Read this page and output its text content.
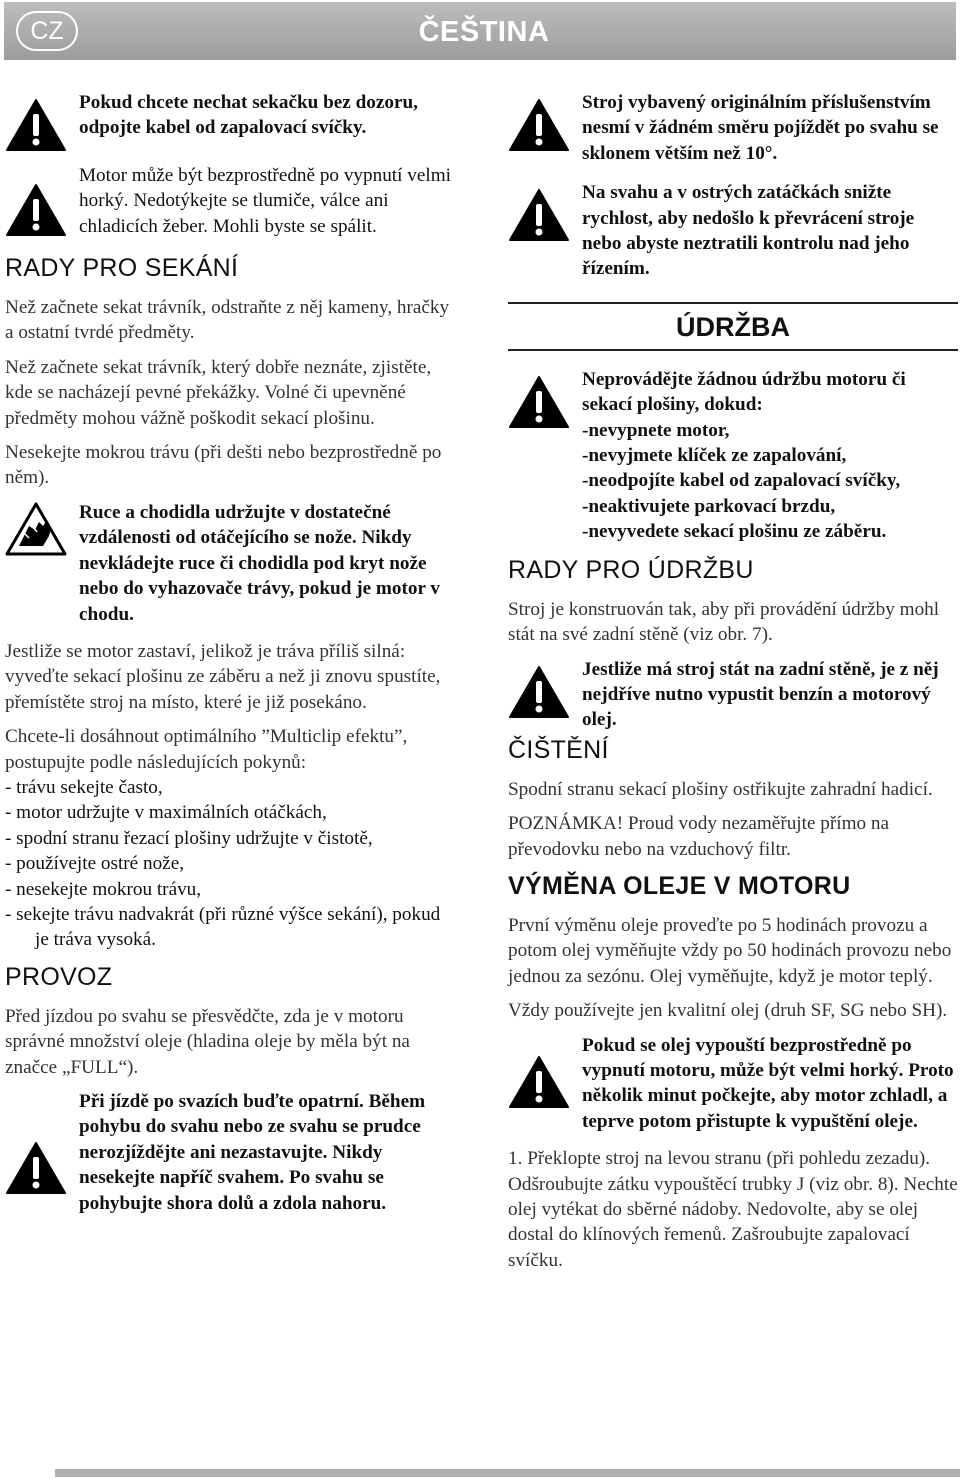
CZ	ČEŠTINA
Pokud chcete nechat sekačku bez dozoru, odpojte kabel od zapalovací svíčky.
Motor může být bezprostředně po vypnutí velmi horký. Nedotýkejte se tlumiče, válce ani chladicích žeber. Mohli byste se spálit.
RADY PRO SEKÁNÍ
Než začnete sekat trávník, odstraňte z něj kameny, hračky a ostatní tvrdé předměty.
Než začnete sekat trávník, který dobře neznáte, zjistěte, kde se nacházejí pevné překážky. Volné či upevněné předměty mohou vážně poškodit sekací plošinu.
Nesekejte mokrou trávu (při dešti nebo bezprostředně po něm).
Ruce a chodidla udržujte v dostatečné vzdálenosti od otáčejícího se nože. Nikdy nevkládejte ruce či chodidla pod kryt nože nebo do vyhazovače trávy, pokud je motor v chodu.
Jestliže se motor zastaví, jelikož je tráva příliš silná: vyveďte sekací plošinu ze záběru a než ji znovu spustíte, přemístěte stroj na místo, které je již posekáno.
Chcete-li dosáhnout optimálního ”Multiclip efektu”, postupujte podle následujících pokynů:
- trávu sekejte často,
- motor udržujte v maximálních otáčkách,
- spodní stranu řezací plošiny udržujte v čistotě,
- používejte ostré nože,
- nesekejte mokrou trávu,
- sekejte trávu nadvakrát (při různé výšce sekání), pokud
je tráva vysoká.
PROVOZ
Před jízdou po svahu se přesvědčte, zda je v motoru správné množství oleje (hladina oleje by měla být na značce „FULL“).
Při jízdě po svazích buďte opatrní. Během pohybu do svahu nebo ze svahu se prudce nerozjíždějte ani nezastavujte. Nikdy nesekejte napříč svahem. Po svahu se pohybujte shora dolů a zdola nahoru.
Stroj vybavený originálním příslušenstvím nesmí v žádném směru pojíždět po svahu se sklonem větším než 10°.
Na svahu a v ostrých zatáčkách snižte rychlost, aby nedošlo k převrácení stroje nebo abyste neztratili kontrolu nad jeho řízením.
ÚDRŽBA
Neprovádějte žádnou údržbu motoru či sekací plošiny, dokud:
-nevypnete motor,
-nevyjmete klíček ze zapalování,
-neodpojíte kabel od zapalovací svíčky,
-neaktivujete parkovací brzdu,
-nevyvedete sekací plošinu ze záběru.
RADY PRO ÚDRŽBU
Stroj je konstruován tak, aby při provádění údržby mohl stát na své zadní stěně (viz obr. 7).
Jestliže má stroj stát na zadní stěně, je z něj nejdříve nutno vypustit benzín a motorový olej.
ČIŠTĚNÍ
Spodní stranu sekací plošiny ostřikujte zahradní hadicí.
POZNÁMKA! Proud vody nezaměřujte přímo na převodovku nebo na vzduchový filtr.
VÝMĚNA OLEJE V MOTORU
První výměnu oleje proveďte po 5 hodinách provozu a potom olej vyměňujte vždy po 50 hodinách provozu nebo jednou za sezónu. Olej vyměňujte, když je motor teplý.
Vždy používejte jen kvalitní olej (druh SF, SG nebo SH).
Pokud se olej vypouští bezprostředně po vypnutí motoru, může být velmi horký. Proto několik minut počkejte, aby motor zchladl, a teprve potom přistupte k vypuštění oleje.
1. Překlopte stroj na levou stranu (při pohledu zezadu). Odšroubujte zátku vypouštěcí trubky J (viz obr. 8). Nechte olej vytékat do sběrné nádoby. Nedovolte, aby se olej dostal do klínových řemenů. Zašroubujte zapalovací svíčku.
